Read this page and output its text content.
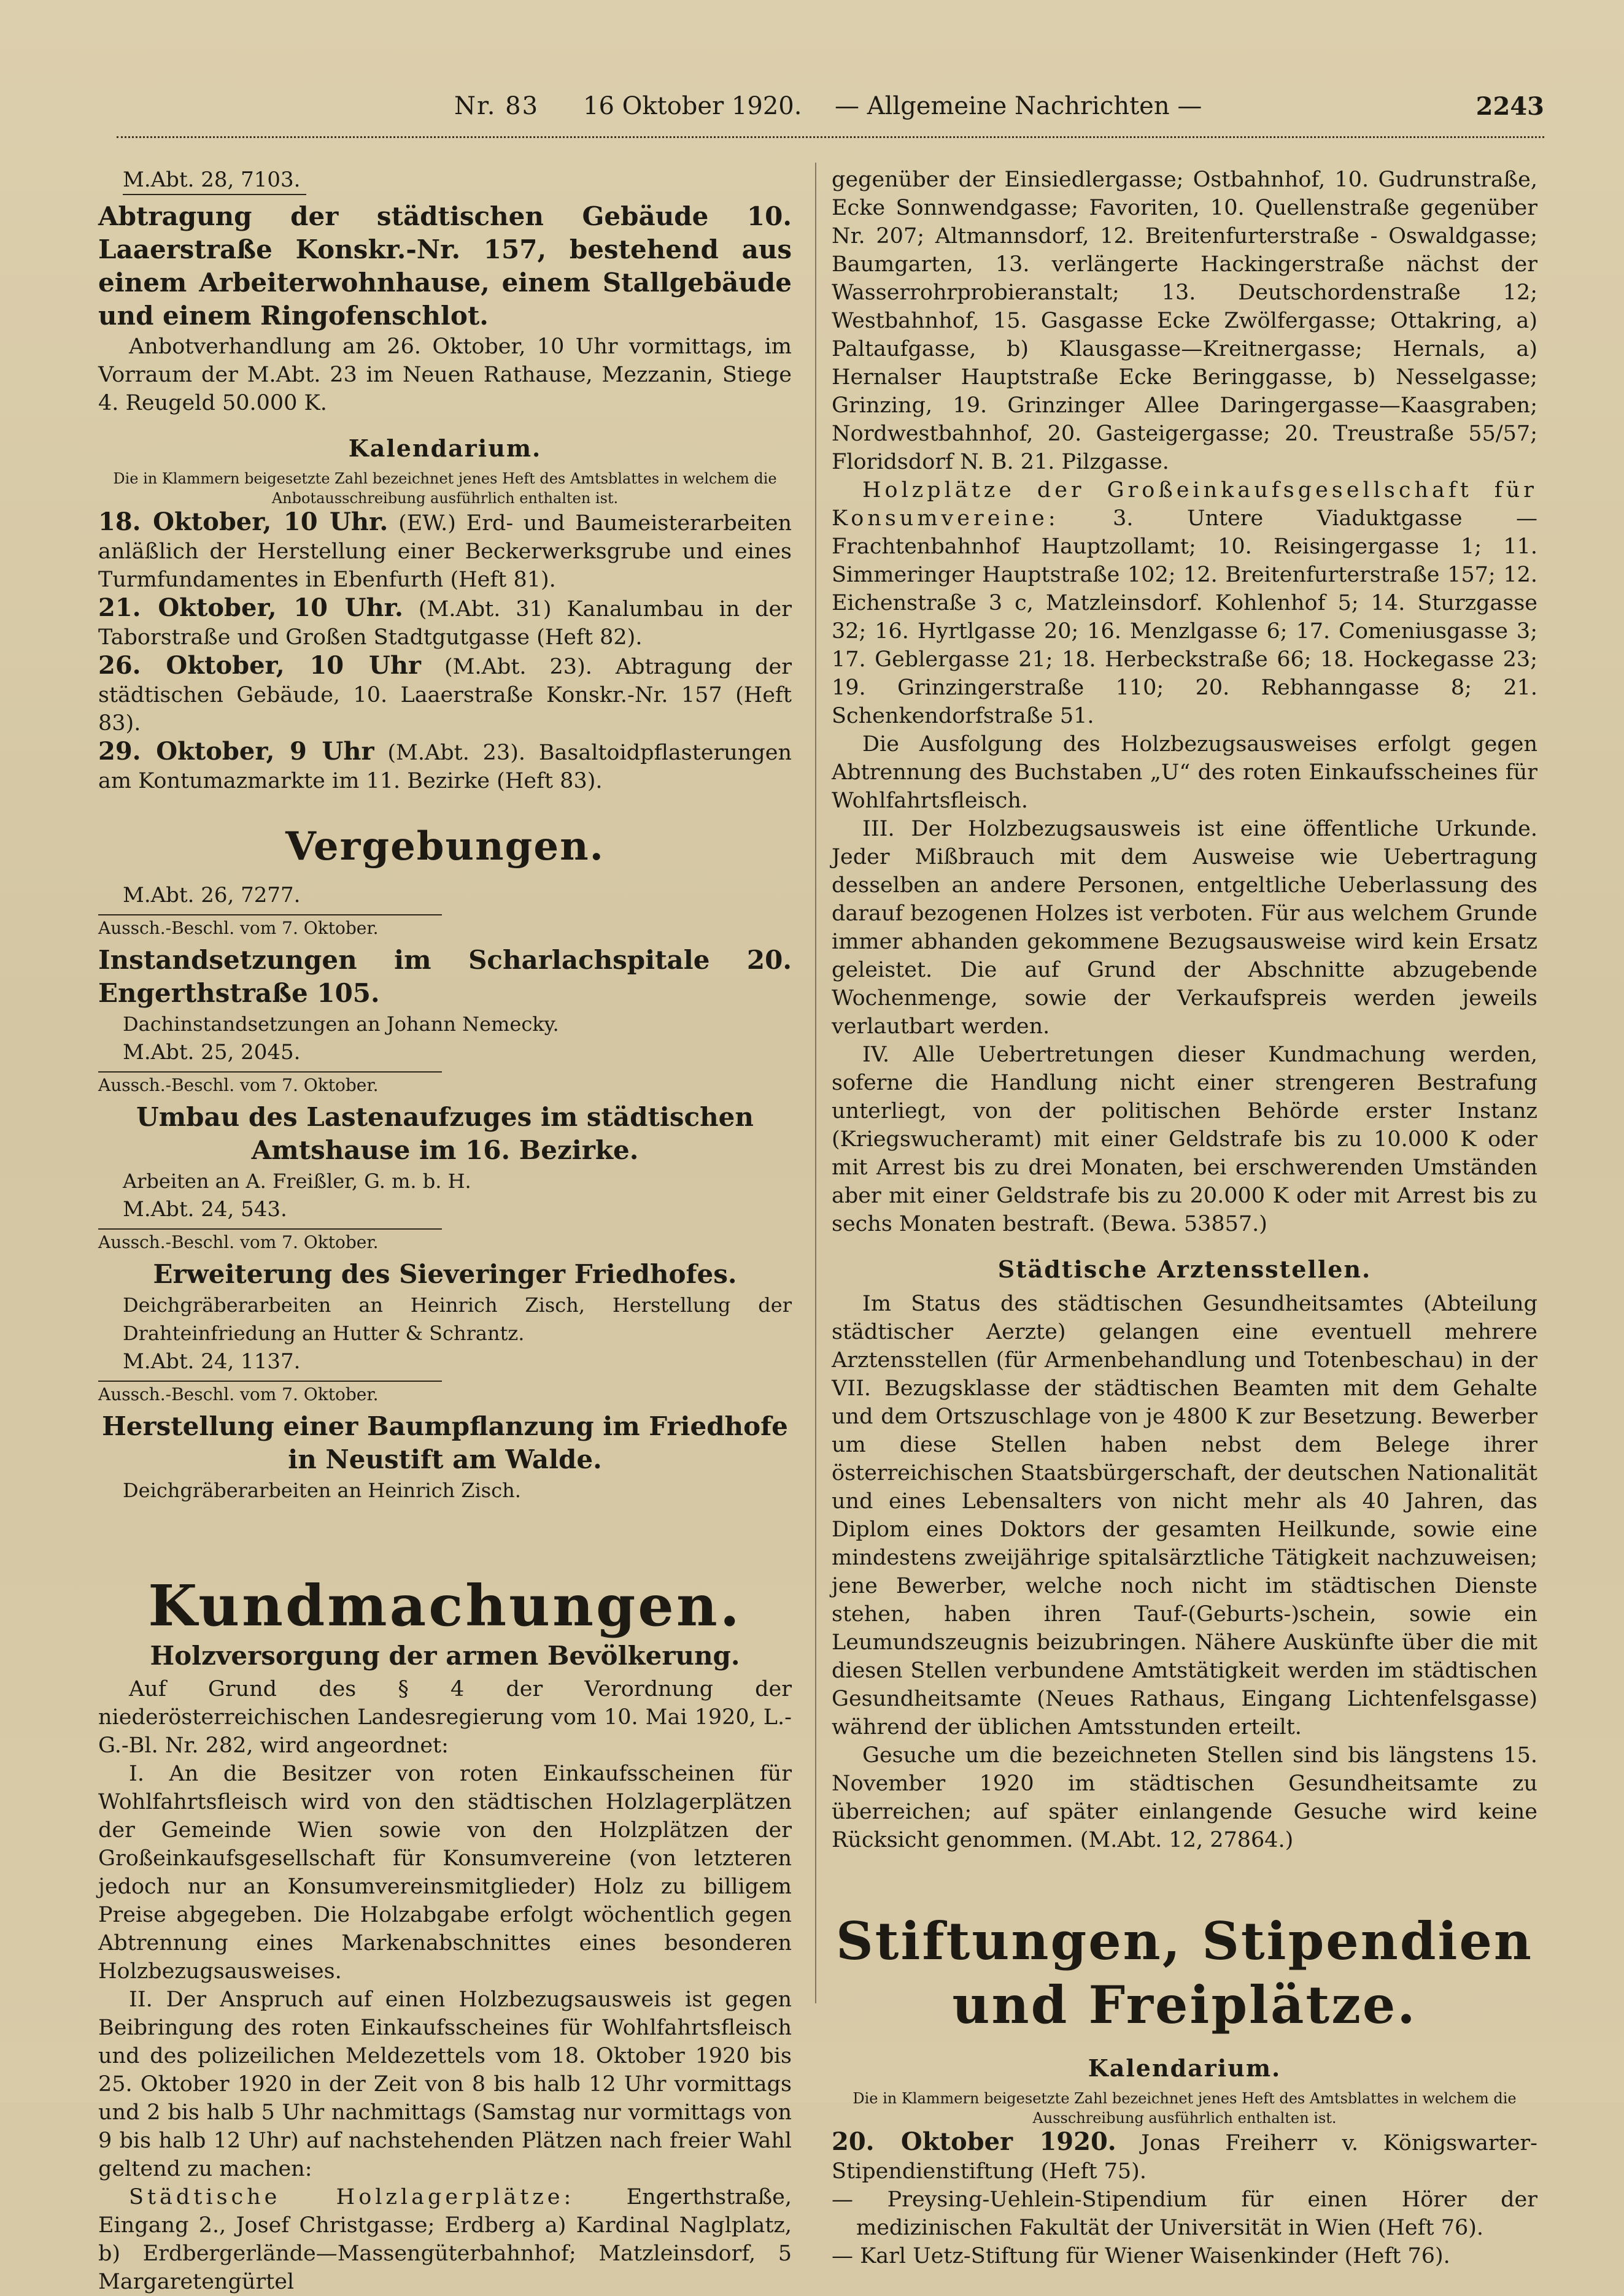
Nr. 83 16 Oktober 1920. — Allgemeine Nachrichten —	2243

M.Abt. 28, 7103.

Abtragung der städtischen Gebäude 10. Laaerstraße Konskr.-Nr. 157, bestehend aus einem Arbeiterwohnhause, einem Stallgebäude und einem Ringofenschlot.

Anbotverhandlung am 26. Oktober, 10 Uhr vormittags, im Vorraum der M.Abt. 23 im Neuen Rathause, Mezzanin, Stiege 4. Reugeld 50.000 K.

Kalendarium.

Die in Klammern beigesetzte Zahl bezeichnet jenes Heft des Amtsblattes in welchem die Anbotausschreibung ausführlich enthalten ist.

18. Oktober, 10 Uhr. (EW.) Erd- und Baumeisterarbeiten anläßlich der Herstellung einer Beckerwerksgrube und eines Turmfundamentes in Ebenfurth (Heft 81).

21. Oktober, 10 Uhr. (M.Abt. 31) Kanalumbau in der Taborstraße und Großen Stadtgutgasse (Heft 82).

26. Oktober, 10 Uhr (M.Abt. 23). Abtragung der städtischen Gebäude, 10. Laaerstraße Konskr.-Nr. 157 (Heft 83).

29. Oktober, 9 Uhr (M.Abt. 23). Basaltoidpflasterungen am Kontumazmarkte im 11. Bezirke (Heft 83).

Vergebungen.

M.Abt. 26, 7277.

Aussch.-Beschl. vom 7. Oktober.

Instandsetzungen im Scharlachspitale 20. Engerthstraße 105.

Dachinstandsetzungen an Johann Nemecky.

M.Abt. 25, 2045.

Aussch.-Beschl. vom 7. Oktober.

Umbau des Lastenaufzuges im städtischen Amtshause im 16. Bezirke.

Arbeiten an A. Freißler, G. m. b. H.

M.Abt. 24, 543.

Aussch.-Beschl. vom 7. Oktober.

Erweiterung des Sieveringer Friedhofes.

Deichgräberarbeiten an Heinrich Zisch, Herstellung der Drahteinfriedung an Hutter & Schrantz.

M.Abt. 24, 1137.

Aussch.-Beschl. vom 7. Oktober.

Herstellung einer Baumpflanzung im Friedhofe in Neustift am Walde.

Deichgräberarbeiten an Heinrich Zisch.

Kundmachungen.

Holzversorgung der armen Bevölkerung.

Auf Grund des § 4 der Verordnung der niederösterreichischen Landesregierung vom 10. Mai 1920, L.-G.-Bl. Nr. 282, wird angeordnet:

I. An die Besitzer von roten Einkaufsscheinen für Wohlfahrtsfleisch wird von den städtischen Holzlagerplätzen der Gemeinde Wien sowie von den Holzplätzen der Großeinkaufsgesellschaft für Konsumvereine (von letzteren jedoch nur an Konsumvereinsmitglieder) Holz zu billigem Preise abgegeben. Die Holzabgabe erfolgt wöchentlich gegen Abtrennung eines Markenabschnittes eines besonderen Holzbezugsausweises.

II. Der Anspruch auf einen Holzbezugsausweis ist gegen Beibringung des roten Einkaufsscheines für Wohlfahrtsfleisch und des polizeilichen Meldezettels vom 18. Oktober 1920 bis 25. Oktober 1920 in der Zeit von 8 bis halb 12 Uhr vormittags und 2 bis halb 5 Uhr nachmittags (Samstag nur vormittags von 9 bis halb 12 Uhr) auf nachstehenden Plätzen nach freier Wahl geltend zu machen:

Städtische Holzlagerplätze: Engerthstraße, Eingang 2., Josef Christgasse; Erdberg a) Kardinal Naglplatz, b) Erdbergerlände—Massengüterbahnhof; Matzleinsdorf, 5 Margaretengürtel

gegenüber der Einsiedlergasse; Ostbahnhof, 10. Gudrunstraße, Ecke Sonnwendgasse; Favoriten, 10. Quellenstraße gegenüber Nr. 207; Altmannsdorf, 12. Breitenfurterstraße - Oswaldgasse; Baumgarten, 13. verlängerte Hackingerstraße nächst der Wasserrohrprobieranstalt; 13. Deutschordenstraße 12; Westbahnhof, 15. Gasgasse Ecke Zwölfergasse; Ottakring, a) Paltaufgasse, b) Klausgasse—Kreitnergasse; Hernals, a) Hernalser Hauptstraße Ecke Beringgasse, b) Nesselgasse; Grinzing, 19. Grinzinger Allee Daringergasse—Kaasgraben; Nordwestbahnhof, 20. Gasteigergasse; 20. Treustraße 55/57; Floridsdorf N. B. 21. Pilzgasse.

Holzplätze der Großeinkaufsgesellschaft für Konsumvereine: 3. Untere Viaduktgasse — Frachtenbahnhof Hauptzollamt; 10. Reisingergasse 1; 11. Simmeringer Hauptstraße 102; 12. Breitenfurterstraße 157; 12. Eichenstraße 3 c, Matzleinsdorf. Kohlenhof 5; 14. Sturzgasse 32; 16. Hyrtlgasse 20; 16. Menzlgasse 6; 17. Comeniusgasse 3; 17. Geblergasse 21; 18. Herbeckstraße 66; 18. Hockegasse 23; 19. Grinzingerstraße 110; 20. Rebhanngasse 8; 21. Schenkendorfstraße 51.

Die Ausfolgung des Holzbezugsausweises erfolgt gegen Abtrennung des Buchstaben „U“ des roten Einkaufsscheines für Wohlfahrtsfleisch.

III. Der Holzbezugsausweis ist eine öffentliche Urkunde. Jeder Mißbrauch mit dem Ausweise wie Uebertragung desselben an andere Personen, entgeltliche Ueberlassung des darauf bezogenen Holzes ist verboten. Für aus welchem Grunde immer abhanden gekommene Bezugsausweise wird kein Ersatz geleistet. Die auf Grund der Abschnitte abzugebende Wochenmenge, sowie der Verkaufspreis werden jeweils verlautbart werden.

IV. Alle Uebertretungen dieser Kundmachung werden, soferne die Handlung nicht einer strengeren Bestrafung unterliegt, von der politischen Behörde erster Instanz (Kriegswucheramt) mit einer Geldstrafe bis zu 10.000 K oder mit Arrest bis zu drei Monaten, bei erschwerenden Umständen aber mit einer Geldstrafe bis zu 20.000 K oder mit Arrest bis zu sechs Monaten bestraft. (Bewa. 53857.)

Städtische Arztensstellen.

Im Status des städtischen Gesundheitsamtes (Abteilung städtischer Aerzte) gelangen eine eventuell mehrere Arztensstellen (für Armenbehandlung und Totenbeschau) in der VII. Bezugsklasse der städtischen Beamten mit dem Gehalte und dem Ortszuschlage von je 4800 K zur Besetzung. Bewerber um diese Stellen haben nebst dem Belege ihrer österreichischen Staatsbürgerschaft, der deutschen Nationalität und eines Lebensalters von nicht mehr als 40 Jahren, das Diplom eines Doktors der gesamten Heilkunde, sowie eine mindestens zweijährige spitalsärztliche Tätigkeit nachzuweisen; jene Bewerber, welche noch nicht im städtischen Dienste stehen, haben ihren Tauf-(Geburts-)schein, sowie ein Leumundszeugnis beizubringen. Nähere Auskünfte über die mit diesen Stellen verbundene Amtstätigkeit werden im städtischen Gesundheitsamte (Neues Rathaus, Eingang Lichtenfelsgasse) während der üblichen Amtsstunden erteilt.

Gesuche um die bezeichneten Stellen sind bis längstens 15. November 1920 im städtischen Gesundheitsamte zu überreichen; auf später einlangende Gesuche wird keine Rücksicht genommen. (M.Abt. 12, 27864.)

Stiftungen, Stipendien und Freiplätze.

Kalendarium.

Die in Klammern beigesetzte Zahl bezeichnet jenes Heft des Amtsblattes in welchem die Ausschreibung ausführlich enthalten ist.

20. Oktober 1920. Jonas Freiherr v. Königswarter-Stipendienstiftung (Heft 75).

— Preysing-Uehlein-Stipendium für einen Hörer der medizinischen Fakultät der Universität in Wien (Heft 76).

— Karl Uetz-Stiftung für Wiener Waisenkinder (Heft 76).
